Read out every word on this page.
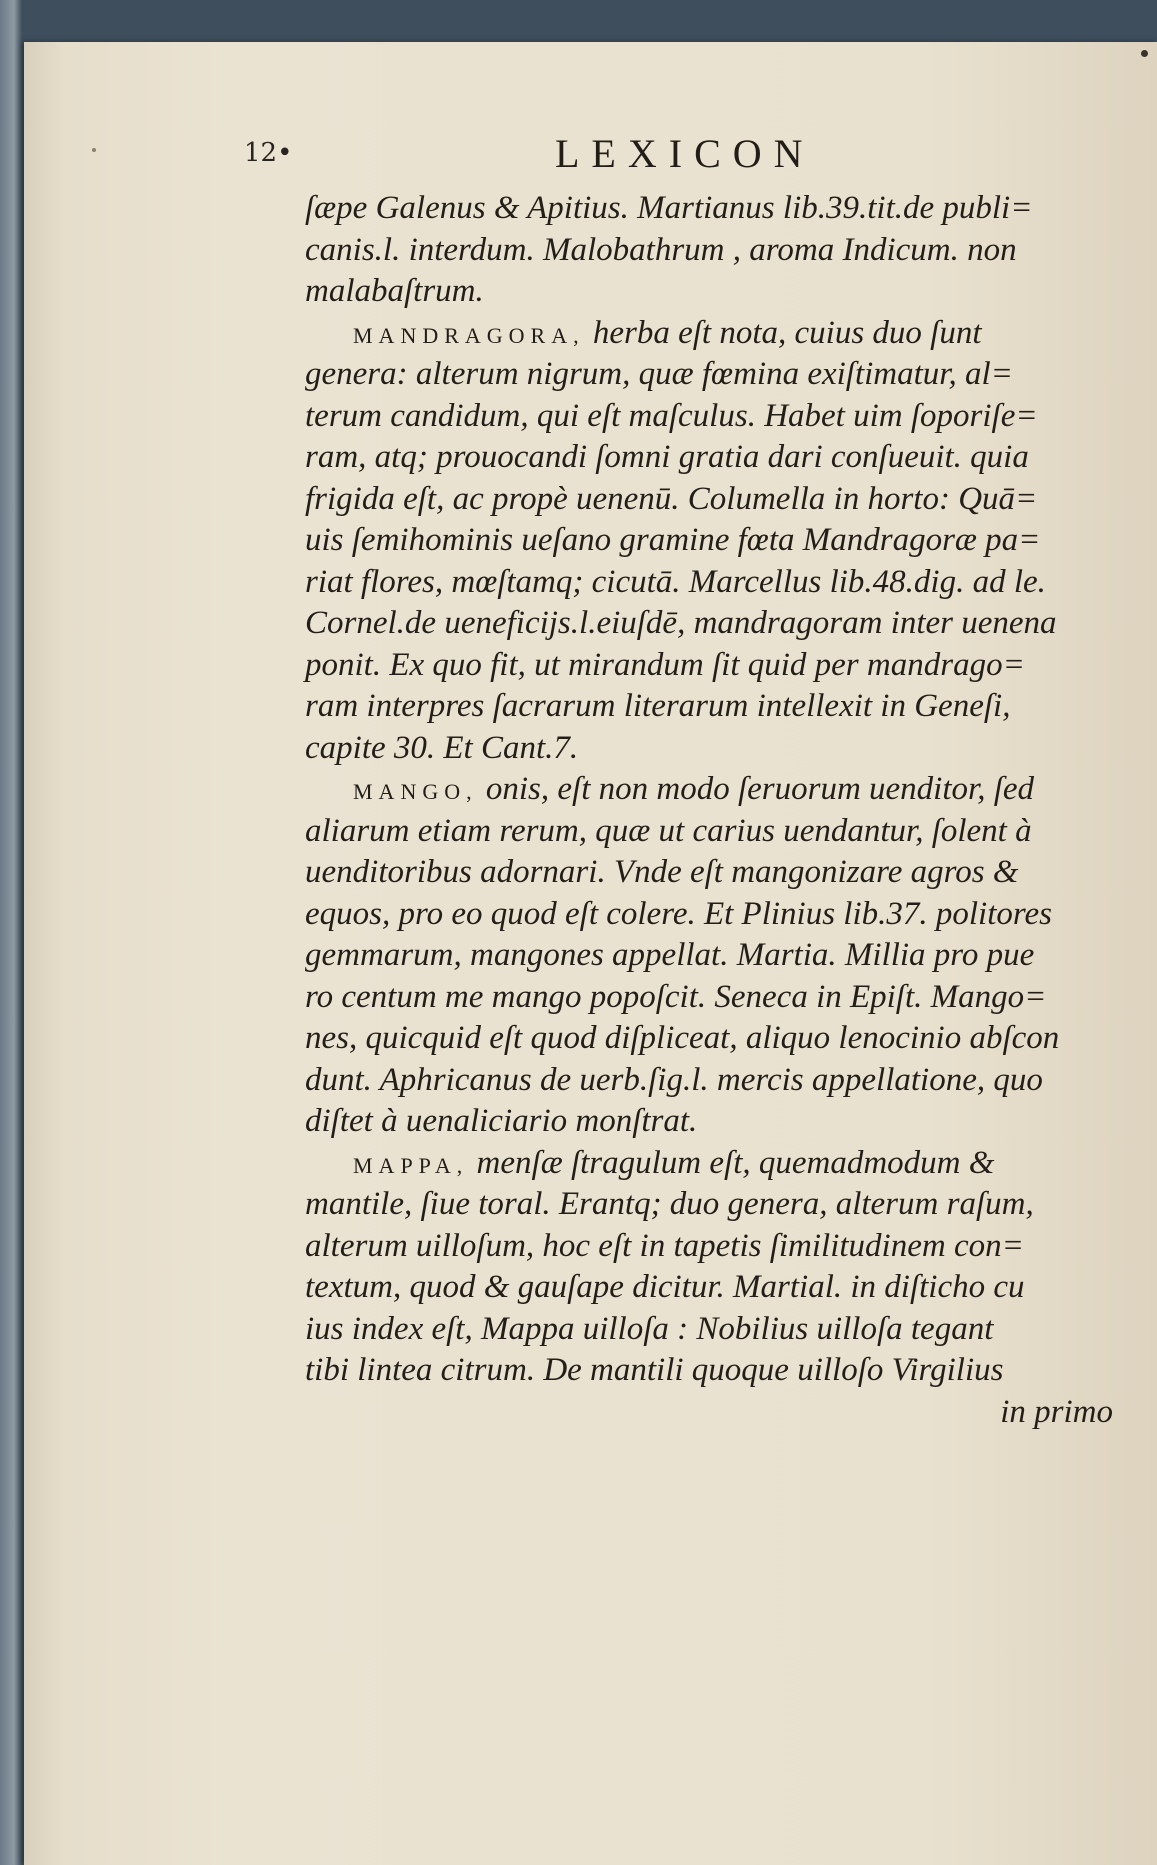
12•	LEXICON
ſæpe Galenus & Apitius. Martianus lib.39.tit.de publi=
canis.l. interdum. Malobathrum , aroma Indicum. non
malabaſtrum.
MANDRAGORA, herba eſt nota, cuius duo ſunt
genera: alterum nigrum, quæ fœmina exiſtimatur, al=
terum candidum, qui eſt maſculus. Habet uim ſoporiſe=
ram, atq; prouocandi ſomni gratia dari conſueuit. quia
frigida eſt, ac propè uenenū. Columella in horto: Quā=
uis ſemihominis ueſano gramine fœta Mandragoræ pa=
riat flores, mœſtamq; cicutā. Marcellus lib.48.dig. ad le.
Cornel.de ueneficijs.l.eiuſdē, mandragoram inter uenena
ponit. Ex quo fit, ut mirandum ſit quid per mandrago=
ram interpres ſacrarum literarum intellexit in Geneſi,
capite 30. Et Cant.7.
MANGO, onis, eſt non modo ſeruorum uenditor, ſed
aliarum etiam rerum, quæ ut carius uendantur, ſolent à
uenditoribus adornari. Vnde eſt mangonizare agros &
equos, pro eo quod eſt colere. Et Plinius lib.37. politores
gemmarum, mangones appellat. Martia. Millia pro pue
ro centum me mango popoſcit. Seneca in Epiſt. Mango=
nes, quicquid eſt quod diſpliceat, aliquo lenocinio abſcon
dunt. Aphricanus de uerb.ſig.l. mercis appellatione, quo
diſtet à uenaliciario monſtrat.
MAPPA, menſæ ſtragulum eſt, quemadmodum &
mantile, ſiue toral. Erantq; duo genera, alterum raſum,
alterum uilloſum, hoc eſt in tapetis ſimilitudinem con=
textum, quod & gauſape dicitur. Martial. in diſticho cu
ius index eſt, Mappa uilloſa : Nobilius uilloſa tegant
tibi lintea citrum. De mantili quoque uilloſo Virgilius
in primo
